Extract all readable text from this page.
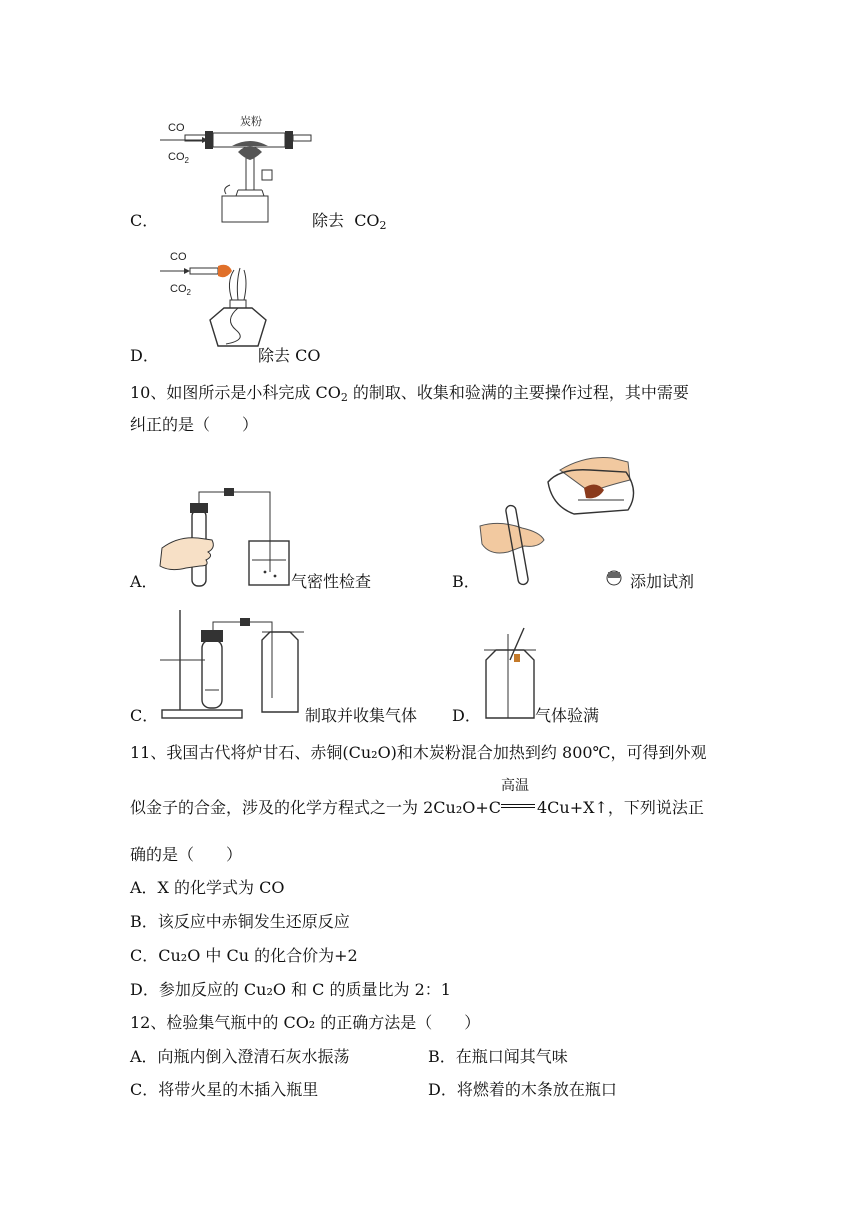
CO
$CO_2$
炭粉
C．	除去 $CO_2$
CO
$CO_2$
D．	除去 CO
10、如图所示是小科完成 $CO_2$ 的制取、收集和验满的主要操作过程，其中需要
纠正的是（　　）
A．	气密性检查	B．	添加试剂
C．	制取并收集气体 D．	气体验满
11、我国古代将炉甘石、赤铜(Cu₂O)和木炭粉混合加热到约 800℃，可得到外观
似金子的合金，涉及的化学方程式之一为 2Cu₂O+C
高温
4Cu+X↑，下列说法正
确的是（　　）
A．X 的化学式为 CO
B．该反应中赤铜发生还原反应
C．Cu₂O 中 Cu 的化合价为+2
D．参加反应的 Cu₂O 和 C 的质量比为 2：1
12、检验集气瓶中的 CO₂ 的正确方法是（　　）
A．向瓶内倒入澄清石灰水振荡	B．在瓶口闻其气味
C．将带火星的木插入瓶里	D．将燃着的木条放在瓶口
